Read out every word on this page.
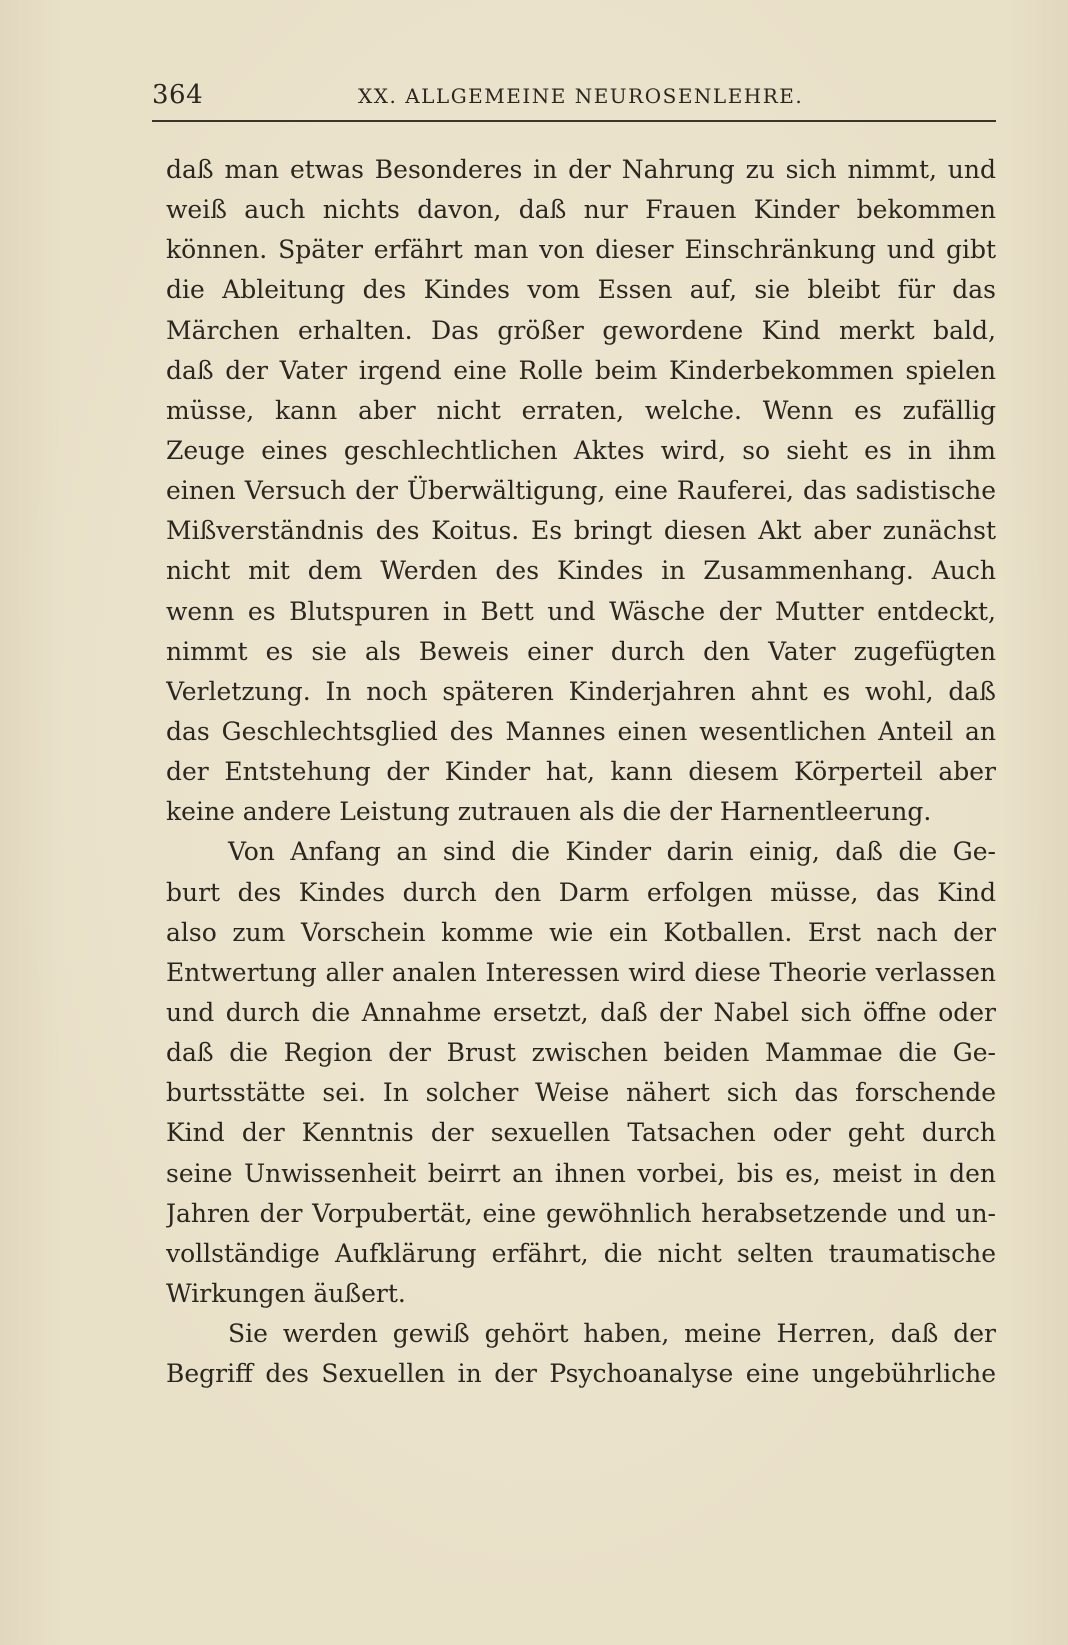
364	XX. ALLGEMEINE NEUROSENLEHRE.
daß man etwas Besonderes in der Nahrung zu sich nimmt, und
weiß auch nichts davon, daß nur Frauen Kinder bekommen
können. Später erfährt man von dieser Einschränkung und gibt
die Ableitung des Kindes vom Essen auf, sie bleibt für das
Märchen erhalten. Das größer gewordene Kind merkt bald,
daß der Vater irgend eine Rolle beim Kinderbekommen spielen
müsse, kann aber nicht erraten, welche. Wenn es zufällig
Zeuge eines geschlechtlichen Aktes wird, so sieht es in ihm
einen Versuch der Überwältigung, eine Rauferei, das sadistische
Mißverständnis des Koitus. Es bringt diesen Akt aber zunächst
nicht mit dem Werden des Kindes in Zusammenhang. Auch
wenn es Blutspuren in Bett und Wäsche der Mutter entdeckt,
nimmt es sie als Beweis einer durch den Vater zugefügten
Verletzung. In noch späteren Kinderjahren ahnt es wohl, daß
das Geschlechtsglied des Mannes einen wesentlichen Anteil an
der Entstehung der Kinder hat, kann diesem Körperteil aber
keine andere Leistung zutrauen als die der Harnentleerung.
Von Anfang an sind die Kinder darin einig, daß die Ge-
burt des Kindes durch den Darm erfolgen müsse, das Kind
also zum Vorschein komme wie ein Kotballen. Erst nach der
Entwertung aller analen Interessen wird diese Theorie verlassen
und durch die Annahme ersetzt, daß der Nabel sich öffne oder
daß die Region der Brust zwischen beiden Mammae die Ge-
burtsstätte sei. In solcher Weise nähert sich das forschende
Kind der Kenntnis der sexuellen Tatsachen oder geht durch
seine Unwissenheit beirrt an ihnen vorbei, bis es, meist in den
Jahren der Vorpubertät, eine gewöhnlich herabsetzende und un-
vollständige Aufklärung erfährt, die nicht selten traumatische
Wirkungen äußert.
Sie werden gewiß gehört haben, meine Herren, daß der
Begriff des Sexuellen in der Psychoanalyse eine ungebührliche
